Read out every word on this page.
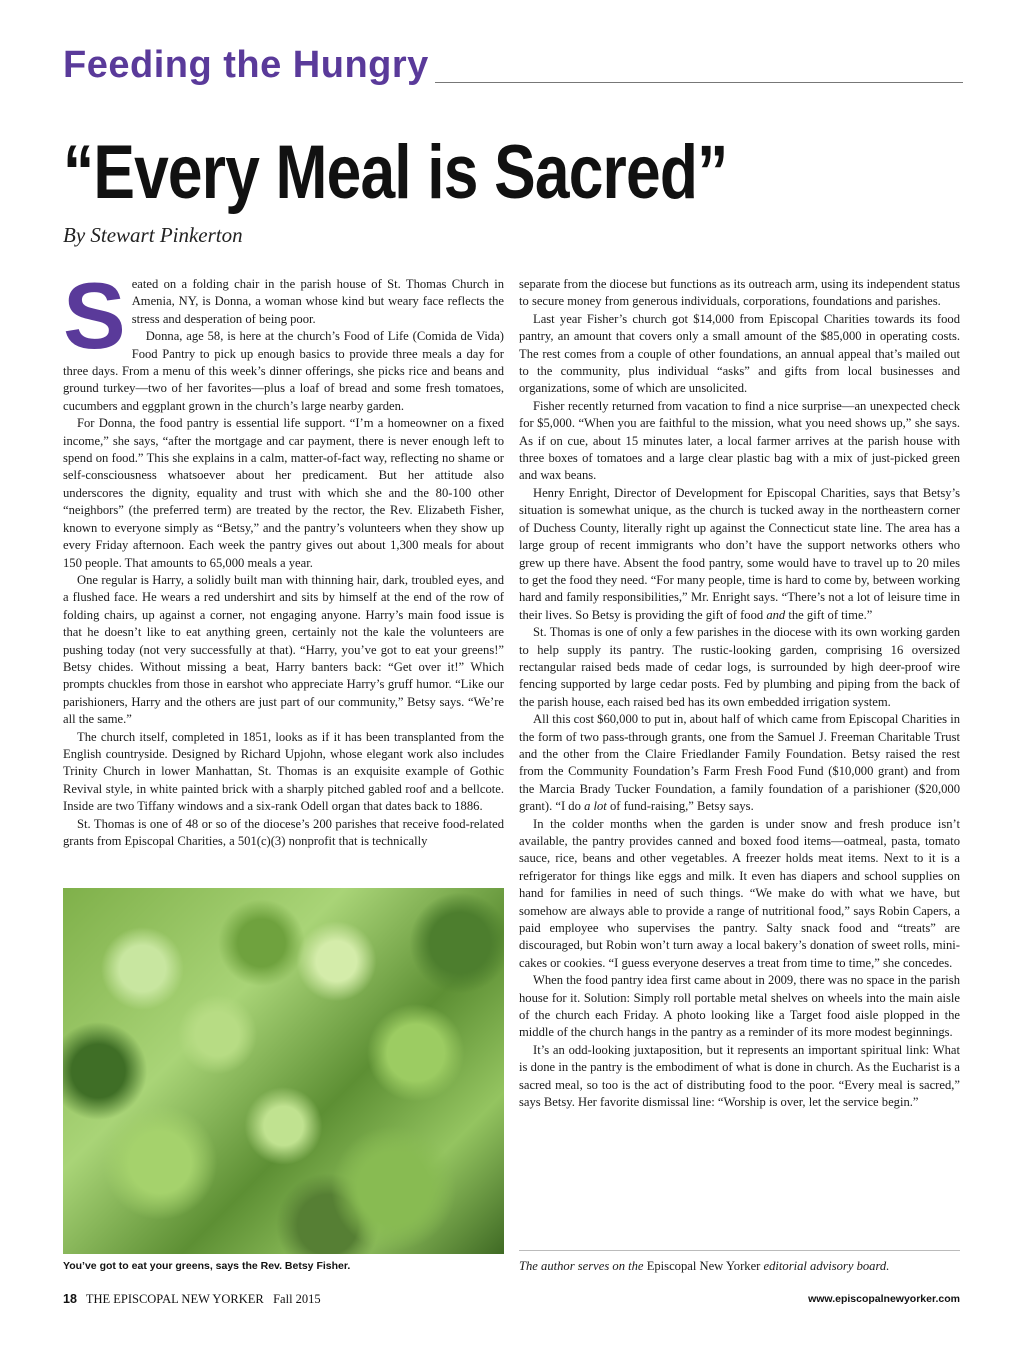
Feeding the Hungry
“Every Meal is Sacred”
By Stewart Pinkerton

Seated on a folding chair in the parish house of St. Thomas Church in Amenia, NY, is Donna, a woman whose kind but weary face reflects the stress and desperation of being poor.

Donna, age 58, is here at the church’s Food of Life (Comida de Vida) Food Pantry to pick up enough basics to provide three meals a day for three days. From a menu of this week’s dinner offerings, she picks rice and beans and ground turkey—two of her favorites—plus a loaf of bread and some fresh tomatoes, cucumbers and eggplant grown in the church’s large nearby garden.

For Donna, the food pantry is essential life support. “I’m a homeowner on a fixed income,” she says, “after the mortgage and car payment, there is never enough left to spend on food.” This she explains in a calm, matter-of-fact way, reflecting no shame or self-consciousness whatsoever about her predicament. But her attitude also underscores the dignity, equality and trust with which she and the 80-100 other “neighbors” (the preferred term) are treated by the rector, the Rev. Elizabeth Fisher, known to everyone simply as “Betsy,” and the pantry’s volunteers when they show up every Friday afternoon. Each week the pantry gives out about 1,300 meals for about 150 people. That amounts to 65,000 meals a year.

One regular is Harry, a solidly built man with thinning hair, dark, troubled eyes, and a flushed face. He wears a red undershirt and sits by himself at the end of the row of folding chairs, up against a corner, not engaging anyone. Harry’s main food issue is that he doesn’t like to eat anything green, certainly not the kale the volunteers are pushing today (not very successfully at that). “Harry, you’ve got to eat your greens!” Betsy chides. Without missing a beat, Harry banters back: “Get over it!” Which prompts chuckles from those in earshot who appreciate Harry’s gruff humor. “Like our parishioners, Harry and the others are just part of our community,” Betsy says. “We’re all the same.”

The church itself, completed in 1851, looks as if it has been transplanted from the English countryside. Designed by Richard Upjohn, whose elegant work also includes Trinity Church in lower Manhattan, St. Thomas is an exquisite example of Gothic Revival style, in white painted brick with a sharply pitched gabled roof and a bellcote. Inside are two Tiffany windows and a six-rank Odell organ that dates back to 1886.

St. Thomas is one of 48 or so of the diocese’s 200 parishes that receive food-related grants from Episcopal Charities, a 501(c)(3) nonprofit that is technically

separate from the diocese but functions as its outreach arm, using its independent status to secure money from generous individuals, corporations, foundations and parishes.

Last year Fisher’s church got $14,000 from Episcopal Charities towards its food pantry, an amount that covers only a small amount of the $85,000 in operating costs. The rest comes from a couple of other foundations, an annual appeal that’s mailed out to the community, plus individual “asks” and gifts from local businesses and organizations, some of which are unsolicited.

Fisher recently returned from vacation to find a nice surprise—an unexpected check for $5,000. “When you are faithful to the mission, what you need shows up,” she says. As if on cue, about 15 minutes later, a local farmer arrives at the parish house with three boxes of tomatoes and a large clear plastic bag with a mix of just-picked green and wax beans.

Henry Enright, Director of Development for Episcopal Charities, says that Betsy’s situation is somewhat unique, as the church is tucked away in the northeastern corner of Duchess County, literally right up against the Connecticut state line. The area has a large group of recent immigrants who don’t have the support networks others who grew up there have. Absent the food pantry, some would have to travel up to 20 miles to get the food they need. “For many people, time is hard to come by, between working hard and family responsibilities,” Mr. Enright says. “There’s not a lot of leisure time in their lives. So Betsy is providing the gift of food and the gift of time.”

St. Thomas is one of only a few parishes in the diocese with its own working garden to help supply its pantry. The rustic-looking garden, comprising 16 oversized rectangular raised beds made of cedar logs, is surrounded by high deer-proof wire fencing supported by large cedar posts. Fed by plumbing and piping from the back of the parish house, each raised bed has its own embedded irrigation system.

All this cost $60,000 to put in, about half of which came from Episcopal Charities in the form of two pass-through grants, one from the Samuel J. Freeman Charitable Trust and the other from the Claire Friedlander Family Foundation. Betsy raised the rest from the Community Foundation’s Farm Fresh Food Fund ($10,000 grant) and from the Marcia Brady Tucker Foundation, a family foundation of a parishioner ($20,000 grant). “I do a lot of fund-raising,” Betsy says.

In the colder months when the garden is under snow and fresh produce isn’t available, the pantry provides canned and boxed food items—oatmeal, pasta, tomato sauce, rice, beans and other vegetables. A freezer holds meat items. Next to it is a refrigerator for things like eggs and milk. It even has diapers and school supplies on hand for families in need of such things. “We make do with what we have, but somehow are always able to provide a range of nutritional food,” says Robin Capers, a paid employee who supervises the pantry. Salty snack food and “treats” are discouraged, but Robin won’t turn away a local bakery’s donation of sweet rolls, mini-cakes or cookies. “I guess everyone deserves a treat from time to time,” she concedes.

When the food pantry idea first came about in 2009, there was no space in the parish house for it. Solution: Simply roll portable metal shelves on wheels into the main aisle of the church each Friday. A photo looking like a Target food aisle plopped in the middle of the church hangs in the pantry as a reminder of its more modest beginnings.

It’s an odd-looking juxtaposition, but it represents an important spiritual link: What is done in the pantry is the embodiment of what is done in church. As the Eucharist is a sacred meal, so too is the act of distributing food to the poor. “Every meal is sacred,” says Betsy. Her favorite dismissal line: “Worship is over, let the service begin.”

You’ve got to eat your greens, says the Rev. Betsy Fisher.	The author serves on the Episcopal New Yorker editorial advisory board.
18 THE EPISCOPAL NEW YORKER Fall 2015	www.episcopalnewyorker.com
